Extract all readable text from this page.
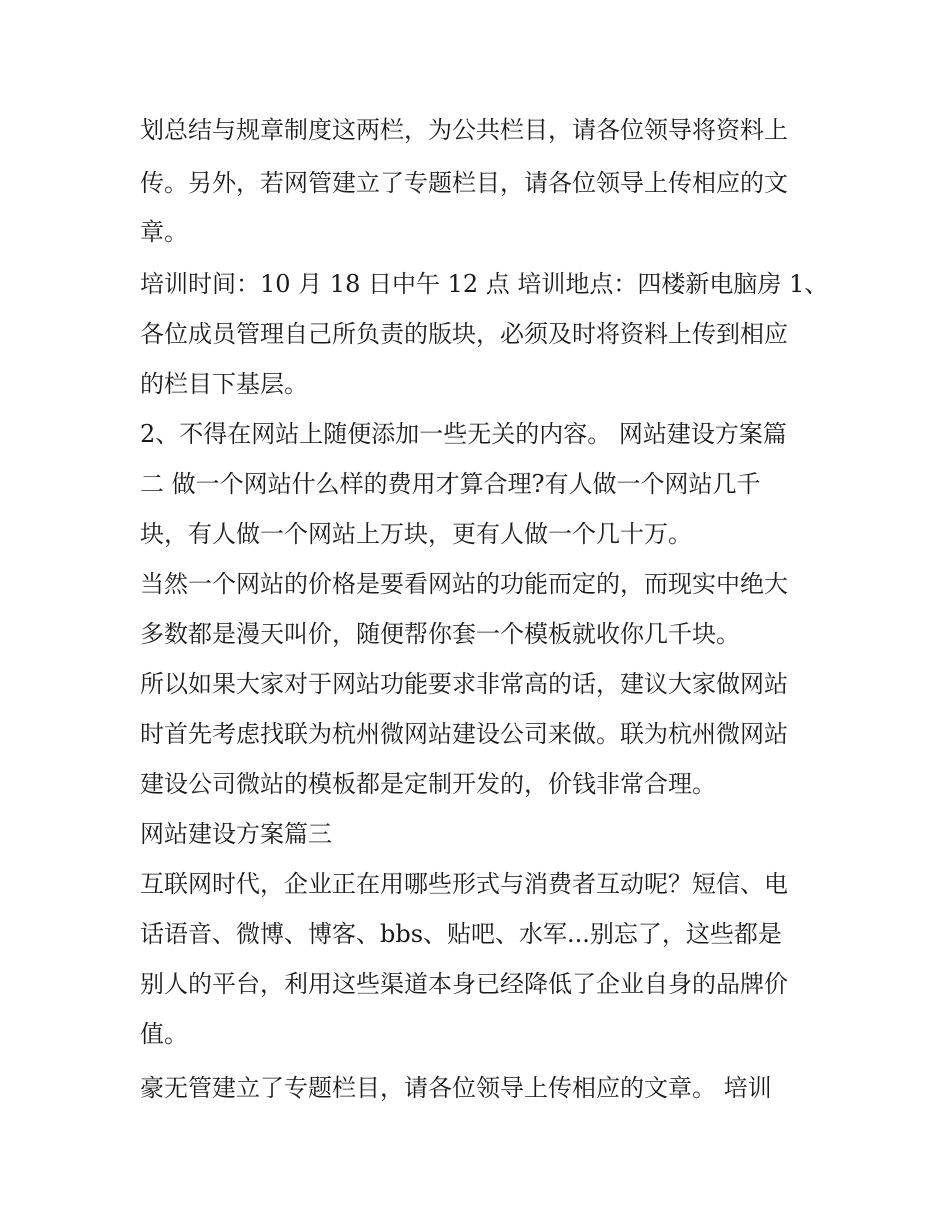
划总结与规章制度这两栏，为公共栏目，请各位领导将资料上
传。另外，若网管建立了专题栏目，请各位领导上传相应的文
章。
培训时间：10 月 18 日中午 12 点 培训地点：四楼新电脑房 1、
各位成员管理自己所负责的版块，必须及时将资料上传到相应
的栏目下基层。
2、不得在网站上随便添加一些无关的内容。 网站建设方案篇
二 做一个网站什么样的费用才算合理?有人做一个网站几千
块，有人做一个网站上万块，更有人做一个几十万。
当然一个网站的价格是要看网站的功能而定的，而现实中绝大
多数都是漫天叫价，随便帮你套一个模板就收你几千块。
所以如果大家对于网站功能要求非常高的话，建议大家做网站
时首先考虑找联为杭州微网站建设公司来做。联为杭州微网站
建设公司微站的模板都是定制开发的，价钱非常合理。
网站建设方案篇三
互联网时代，企业正在用哪些形式与消费者互动呢？短信、电
话语音、微博、博客、bbs、贴吧、水军...别忘了，这些都是
别人的平台，利用这些渠道本身已经降低了企业自身的品牌价
值。
豪无管建立了专题栏目，请各位领导上传相应的文章。 培训
